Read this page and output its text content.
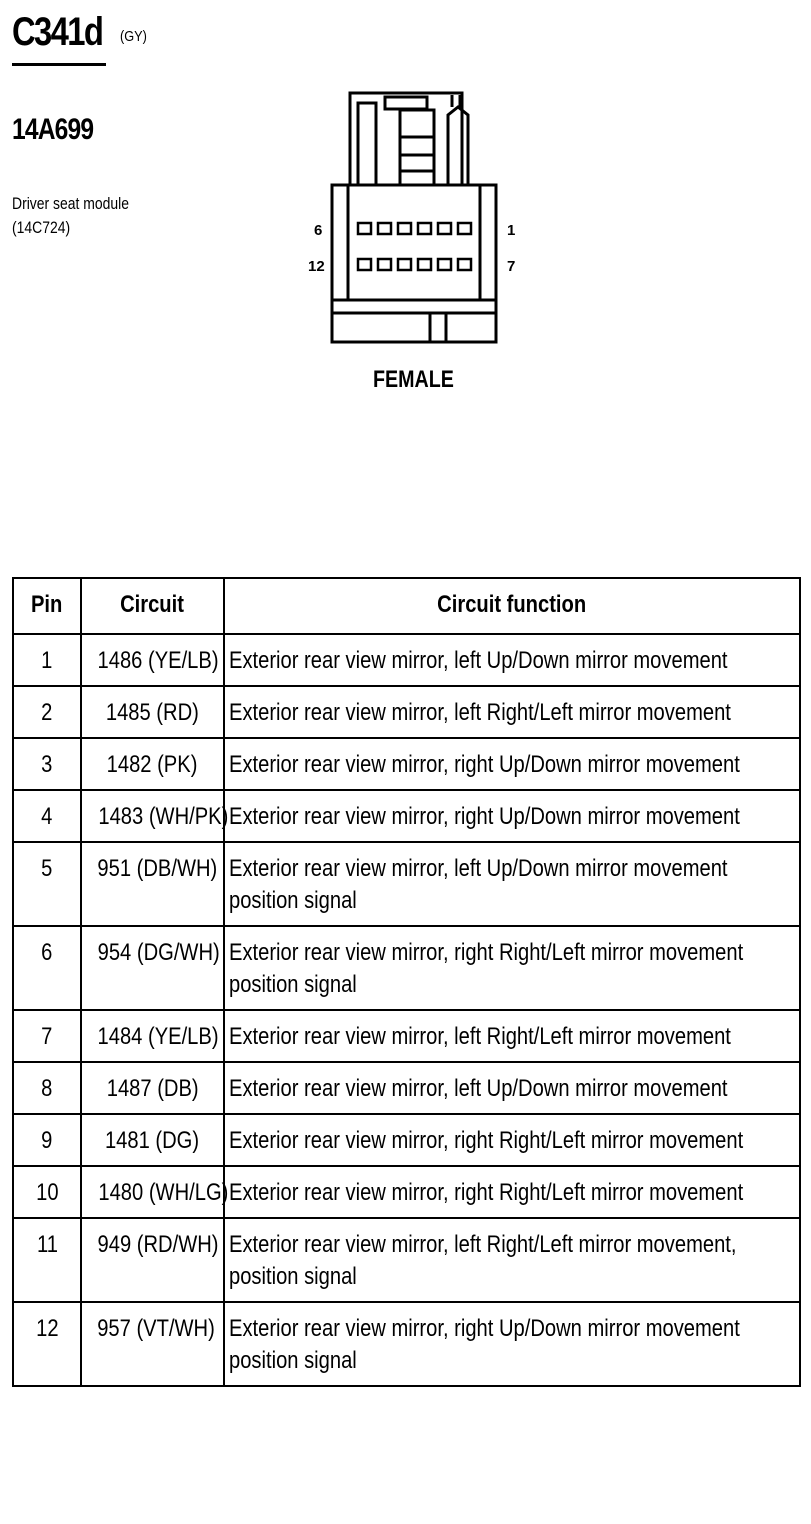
C341d (GY)
14A699
Driver seat module
(14C724)	6
12
1
7
FEMALE
Pin	Circuit	Circuit function
1	1486 (YE/LB)	Exterior rear view mirror, left Up/Down mirror movement

2	1485 (RD)	Exterior rear view mirror, left Right/Left mirror movement

3	1482 (PK)	Exterior rear view mirror, right Up/Down mirror movement

4	1483 (WH/PK)	Exterior rear view mirror, right Up/Down mirror movement

5	951 (DB/WH)	Exterior rear view mirror, left Up/Down mirror movement
position signal

6	954 (DG/WH)	Exterior rear view mirror, right Right/Left mirror movement
position signal

7	1484 (YE/LB)	Exterior rear view mirror, left Right/Left mirror movement

8	1487 (DB)	Exterior rear view mirror, left Up/Down mirror movement

9	1481 (DG)	Exterior rear view mirror, right Right/Left mirror movement

10	1480 (WH/LG)	Exterior rear view mirror, right Right/Left mirror movement

11	949 (RD/WH)	Exterior rear view mirror, left Right/Left mirror movement,
position signal

12	957 (VT/WH)	Exterior rear view mirror, right Up/Down mirror movement
position signal
